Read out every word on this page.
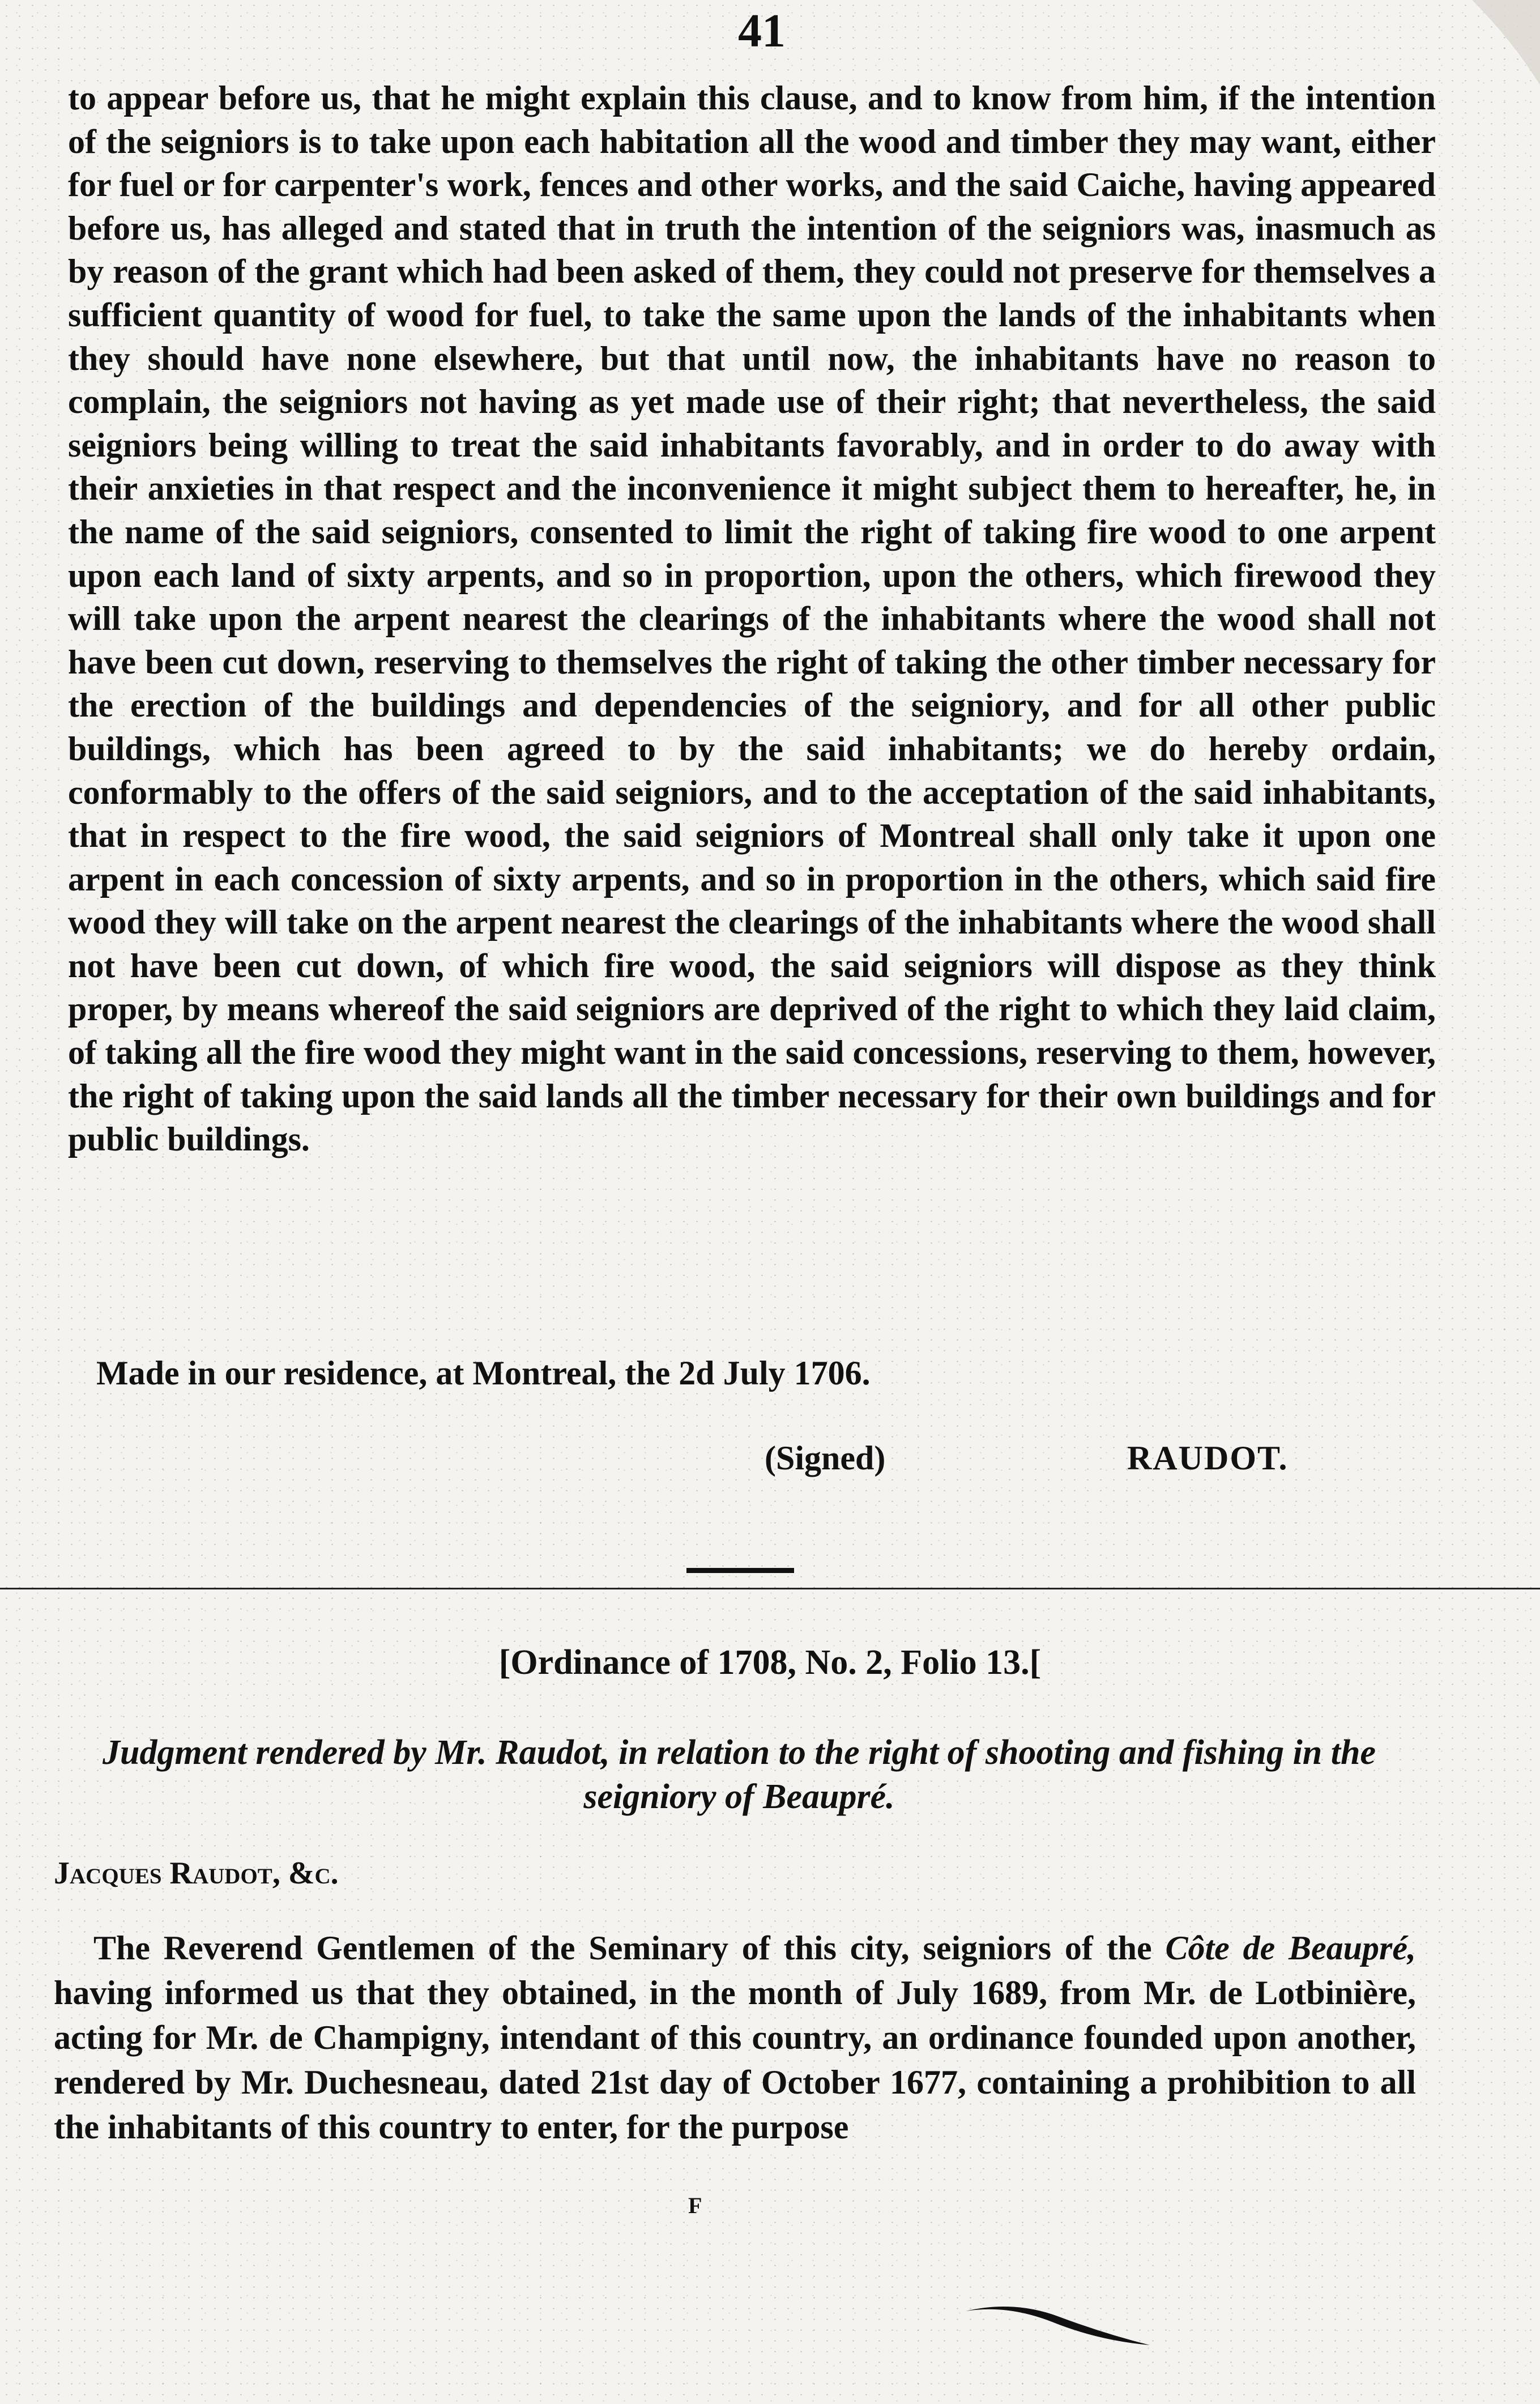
41

to appear before us, that he might explain this clause, and to know from him, if the intention of the seigniors is to take upon each habitation all the wood and timber they may want, either for fuel or for carpenter's work, fences and other works, and the said Caiche, having appeared before us, has alleged and stated that in truth the intention of the seigniors was, inasmuch as by reason of the grant which had been asked of them, they could not preserve for themselves a sufficient quantity of wood for fuel, to take the same upon the lands of the inhabitants when they should have none elsewhere, but that until now, the inhabitants have no reason to complain, the seigniors not having as yet made use of their right; that nevertheless, the said seigniors being willing to treat the said inhabitants favorably, and in order to do away with their anxieties in that respect and the inconvenience it might subject them to hereafter, he, in the name of the said seigniors, consented to limit the right of taking fire wood to one arpent upon each land of sixty arpents, and so in proportion, upon the others, which firewood they will take upon the arpent nearest the clearings of the inhabitants where the wood shall not have been cut down, reserving to themselves the right of taking the other timber necessary for the erection of the buildings and dependencies of the seigniory, and for all other public buildings, which has been agreed to by the said inhabitants; we do hereby ordain, conformably to the offers of the said seigniors, and to the acceptation of the said inhabitants, that in respect to the fire wood, the said seigniors of Montreal shall only take it upon one arpent in each concession of sixty arpents, and so in proportion in the others, which said fire wood they will take on the arpent nearest the clearings of the inhabitants where the wood shall not have been cut down, of which fire wood, the said seigniors will dispose as they think proper, by means whereof the said seigniors are deprived of the right to which they laid claim, of taking all the fire wood they might want in the said concessions, reserving to them, however, the right of taking upon the said lands all the timber necessary for their own buildings and for public buildings.

Made in our residence, at Montreal, the 2d July 1706.

(Signed)	RAUDOT.
[Ordinance of 1708, No. 2, Folio 13.[

Judgment rendered by Mr. Raudot, in relation to the right of shooting and fishing in the seigniory of Beaupré.

Jacques Raudot, &c.

The Reverend Gentlemen of the Seminary of this city, seigniors of the Côte de Beaupré, having informed us that they obtained, in the month of July 1689, from Mr. de Lotbinière, acting for Mr. de Champigny, intendant of this country, an ordinance founded upon another, rendered by Mr. Duchesneau, dated 21st day of October 1677, containing a prohibition to all the inhabitants of this country to enter, for the purpose

F
